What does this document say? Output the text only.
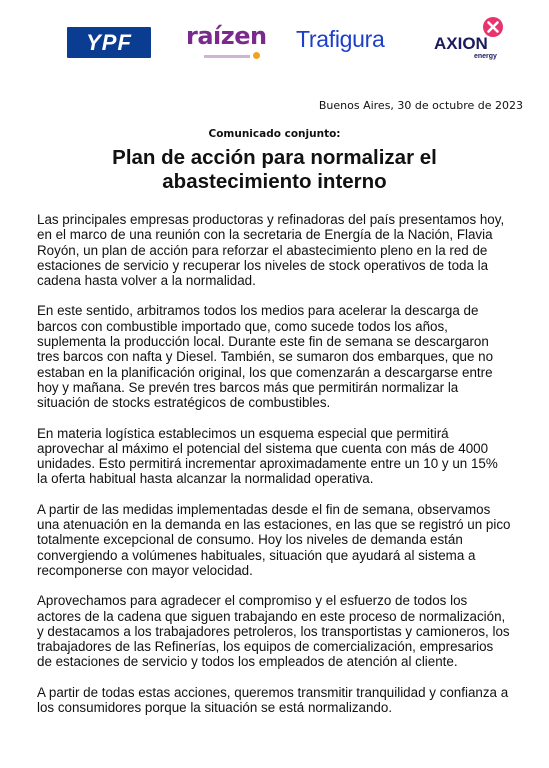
YPF raízen Trafigura	AXION
energy
Buenos Aires, 30 de octubre de 2023
Comunicado conjunto:
Plan de acción para normalizar el
abastecimiento interno

Las principales empresas productoras y refinadoras del país presentamos hoy,
en el marco de una reunión con la secretaria de Energía de la Nación, Flavia
Royón, un plan de acción para reforzar el abastecimiento pleno en la red de
estaciones de servicio y recuperar los niveles de stock operativos de toda la
cadena hasta volver a la normalidad.

En este sentido, arbitramos todos los medios para acelerar la descarga de
barcos con combustible importado que, como sucede todos los años,
suplementa la producción local. Durante este fin de semana se descargaron
tres barcos con nafta y Diesel. También, se sumaron dos embarques, que no
estaban en la planificación original, los que comenzarán a descargarse entre
hoy y mañana. Se prevén tres barcos más que permitirán normalizar la
situación de stocks estratégicos de combustibles.

En materia logística establecimos un esquema especial que permitirá
aprovechar al máximo el potencial del sistema que cuenta con más de 4000
unidades. Esto permitirá incrementar aproximadamente entre un 10 y un 15%
la oferta habitual hasta alcanzar la normalidad operativa.

A partir de las medidas implementadas desde el fin de semana, observamos
una atenuación en la demanda en las estaciones, en las que se registró un pico
totalmente excepcional de consumo. Hoy los niveles de demanda están
convergiendo a volúmenes habituales, situación que ayudará al sistema a
recomponerse con mayor velocidad.

Aprovechamos para agradecer el compromiso y el esfuerzo de todos los
actores de la cadena que siguen trabajando en este proceso de normalización,
y destacamos a los trabajadores petroleros, los transportistas y camioneros, los
trabajadores de las Refinerías, los equipos de comercialización, empresarios
de estaciones de servicio y todos los empleados de atención al cliente.

A partir de todas estas acciones, queremos transmitir tranquilidad y confianza a
los consumidores porque la situación se está normalizando.
